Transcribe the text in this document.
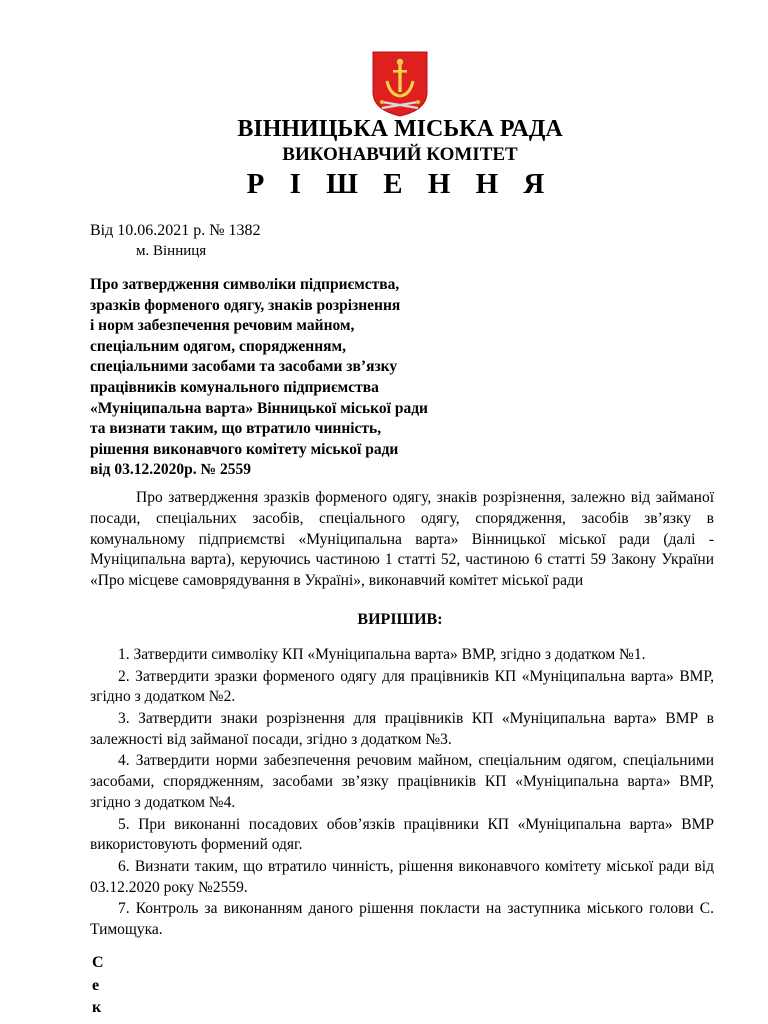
ВІННИЦЬКА МІСЬКА РАДА
ВИКОНАВЧИЙ КОМІТЕТ
Р І Ш Е Н Н Я
Від 10.06.2021 р. № 1382
м. Вінниця
Про затвердження символіки підприємства,
зразків форменого одягу, знаків розрізнення
і норм забезпечення речовим майном,
спеціальним одягом, спорядженням,
спеціальними засобами та засобами зв’язку
працівників комунального підприємства
«Муніципальна варта» Вінницької міської ради
та визнати таким, що втратило чинність,
рішення виконавчого комітету міської ради
від 03.12.2020р. № 2559

Про затвердження зразків форменого одягу, знаків розрізнення, залежно від займаної посади, спеціальних засобів, спеціального одягу, спорядження, засобів зв’язку в комунальному підприємстві «Муніципальна варта» Вінницької міської ради (далі - Муніципальна варта), керуючись частиною 1 статті 52, частиною 6 статті 59 Закону України «Про місцеве самоврядування в Україні», виконавчий комітет міської ради

ВИРІШИВ:
1. Затвердити символіку КП «Муніципальна варта» ВМР, згідно з додатком №1.
2. Затвердити зразки форменого одягу для працівників КП «Муніципальна варта» ВМР, згідно з додатком №2.
3. Затвердити знаки розрізнення для працівників КП «Муніципальна варта» ВМР в залежності від займаної посади, згідно з додатком №3.
4. Затвердити норми забезпечення речовим майном, спеціальним одягом, спеціальними засобами, спорядженням, засобами зв’язку працівників КП «Муніципальна варта» ВМР, згідно з додатком №4.
5. При виконанні посадових обов’язків працівники КП «Муніципальна варта» ВМР використовують формений одяг.
6. Визнати таким, що втратило чинність, рішення виконавчого комітету міської ради від 03.12.2020 року №2559.
7. Контроль за виконанням даного рішення покласти на заступника міського голови С. Тимощука.
С
е
к
